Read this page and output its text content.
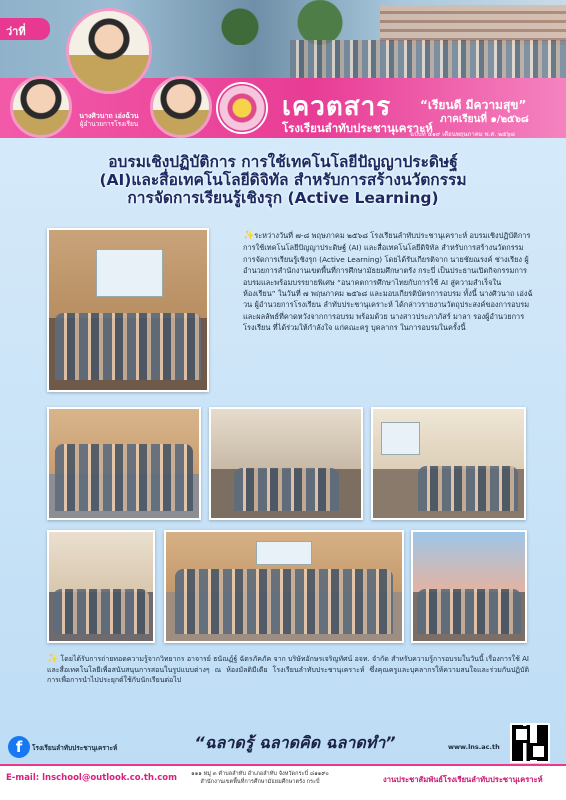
ว่าที่
นางศิวนาถ เอ่งฉ้วน
ผู้อำนวยการโรงเรียน
เควตสาร
โรงเรียนลำทับประชานุเคราะห์
“เรียนดี มีความสุข”
ภาคเรียนที่ ๑/๒๕๖๘
ฉบับที่ ๕๑๙ เดือนพฤษภาคม พ.ศ. ๒๕๖๘
อบรมเชิงปฏิบัติการ การใช้เทคโนโลยีปัญญาประดิษฐ์
(AI)และสื่อเทคโนโลยีดิจิทัล สำหรับการสร้างนวัตกรรม
การจัดการเรียนรู้เชิงรุก (Active Learning)
✨ระหว่างวันที่ ๗-๘ พฤษภาคม ๒๕๖๘ โรงเรียนลำทับประชานุเคราะห์ อบรมเชิงปฏิบัติการ การใช้เทคโนโลยีปัญญาประดิษฐ์ (AI) และสื่อเทคโนโลยีดิจิทัล สำหรับการสร้างนวัตกรรมการจัดการเรียนรู้เชิงรุก (Active Learning) โดยได้รับเกียรติจาก นายชัยณรงค์ ช่างเรียง ผู้อำนวยการสำนักงานเขตพื้นที่การศึกษามัธยมศึกษาตรัง กระบี่ เป็นประธานเปิดกิจกรรมการอบรมและพร้อมบรรยายพิเศษ “อนาคตการศึกษาไทยกับการใช้ AI สู่ความสำเร็จในห้องเรียน” ในวันที่ ๗ พฤษภาคม ๒๕๖๘ และมอบเกียรติบัตรการอบรม ทั้งนี้ นางศิวนาถ เอ่งฉ้วน ผู้อำนวยการโรงเรียน ลำทับประชานุเคราะห์ ได้กล่าวรายงานวัตถุประสงค์ของการอบรมและผลลัพธ์ที่คาดหวังจากการอบรม พร้อมด้วย นางสาวประภาภัสร์ มาลา รองผู้อำนวยการโรงเรียน ที่ได้ร่วมให้กำลังใจ แก่คณะครู บุคลากร ในการอบรมในครั้งนี้
✨ โดยได้รับการถ่ายทอดความรู้จากวิทยากร อาจารย์ ธนัณฏ์ฐ์ ฉัตรภัคภัค จาก บริษัทอักษรเจริญทัศน์ อจท. จำกัด สำหรับความรู้การอบรมในวันนี้ เรื่องการใช้ AI และสื่อเทคโนโลยีเพื่อสนับสนุนการสอนในรูปแบบต่างๆ ณ ห้องมัลติมีเดีย โรงเรียนลำทับประชานุเคราะห์ ซึ่งคุณครูและบุคลากรให้ความสนใจและร่วมกันปฏิบัติการเพื่อการนำไปประยุกต์ใช้กับนักเรียนต่อไป
f	โรงเรียนลำทับประชานุเคราะห์	“ฉลาดรู้ ฉลาดคิด ฉลาดทำ”	www.lns.ac.th
E-mail: lnschool@outlook.co.th.com	๑๑๑ หมู่ ๓ ตำบลลำทับ อำเภอลำทับ จังหวัดกระบี่ ๘๑๑๙๐
สำนักงานเขตพื้นที่การศึกษามัธยมศึกษาตรัง กระบี่	งานประชาสัมพันธ์โรงเรียนลำทับประชานุเคราะห์
